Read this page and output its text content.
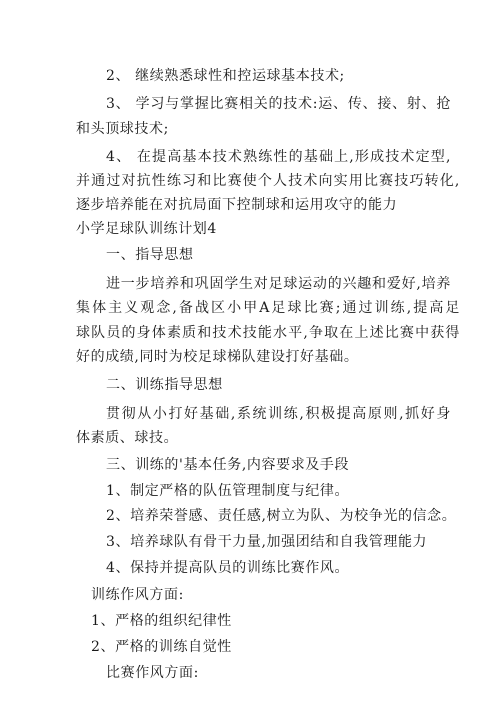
2、 继续熟悉球性和控运球基本技术;
3、 学习与掌握比赛相关的技术:运、传、接、射、抢
和头顶球技术;
4、 在提高基本技术熟练性的基础上,形成技术定型,
并通过对抗性练习和比赛使个人技术向实用比赛技巧转化,
逐步培养能在对抗局面下控制球和运用攻守的能力
小学足球队训练计划4
一、指导思想
进一步培养和巩固学生对足球运动的兴趣和爱好,培养
集体主义观念,备战区小甲A足球比赛;通过训练,提高足
球队员的身体素质和技术技能水平,争取在上述比赛中获得
好的成绩,同时为校足球梯队建设打好基础。
二、训练指导思想
贯彻从小打好基础,系统训练,积极提高原则,抓好身
体素质、球技。
三、训练的'基本任务,内容要求及手段
1、制定严格的队伍管理制度与纪律。
2、培养荣誉感、责任感,树立为队、为校争光的信念。
3、培养球队有骨干力量,加强团结和自我管理能力
4、保持并提高队员的训练比赛作风。
训练作风方面:
1、严格的组织纪律性
2、严格的训练自觉性
比赛作风方面:
